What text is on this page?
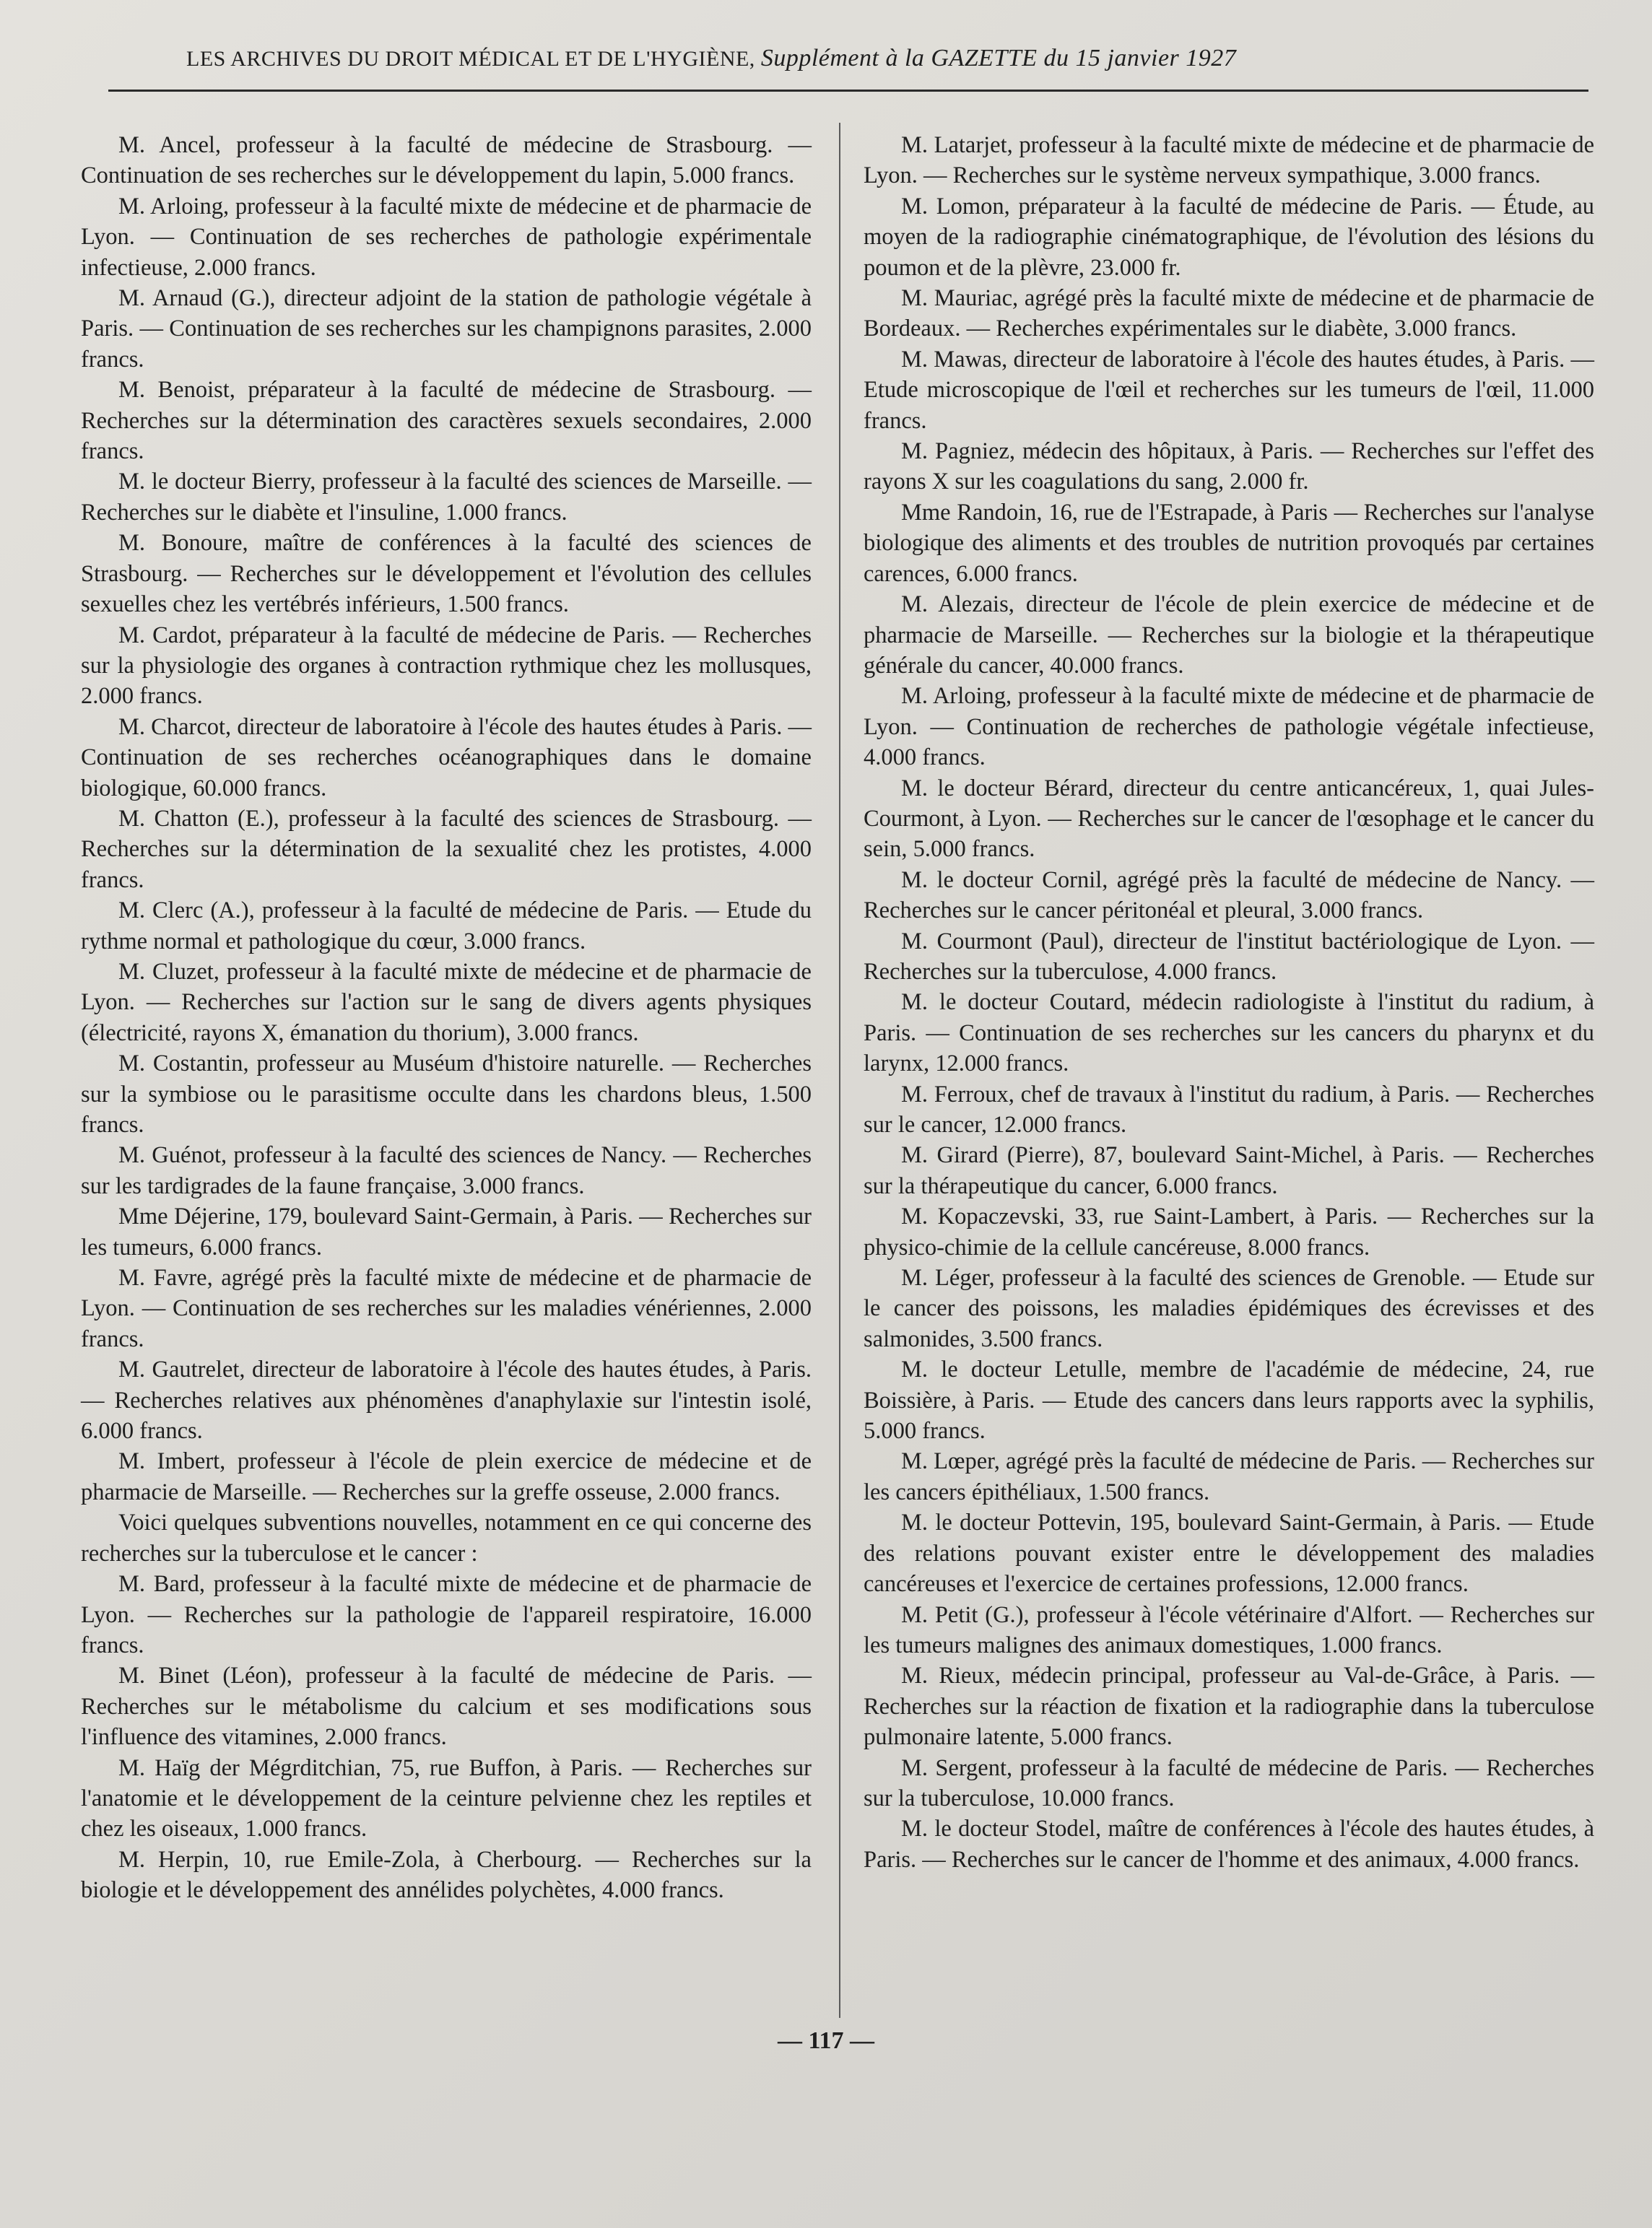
LES ARCHIVES DU DROIT MÉDICAL ET DE L'HYGIÈNE, Supplément à la GAZETTE du 15 janvier 1927

M. Ancel, professeur à la faculté de médecine de Strasbourg. — Continuation de ses recherches sur le développement du lapin, 5.000 francs.

M. Arloing, professeur à la faculté mixte de médecine et de pharmacie de Lyon. — Continuation de ses recherches de pathologie expérimentale infectieuse, 2.000 francs.

M. Arnaud (G.), directeur adjoint de la station de pathologie végétale à Paris. — Continuation de ses recherches sur les champignons parasites, 2.000 francs.

M. Benoist, préparateur à la faculté de médecine de Strasbourg. — Recherches sur la détermination des caractères sexuels secondaires, 2.000 francs.

M. le docteur Bierry, professeur à la faculté des sciences de Marseille. — Recherches sur le diabète et l'insuline, 1.000 francs.

M. Bonoure, maître de conférences à la faculté des sciences de Strasbourg. — Recherches sur le développement et l'évolution des cellules sexuelles chez les vertébrés inférieurs, 1.500 francs.

M. Cardot, préparateur à la faculté de médecine de Paris. — Recherches sur la physiologie des organes à contraction rythmique chez les mollusques, 2.000 francs.

M. Charcot, directeur de laboratoire à l'école des hautes études à Paris. — Continuation de ses recherches océanographiques dans le domaine biologique, 60.000 francs.

M. Chatton (E.), professeur à la faculté des sciences de Strasbourg. — Recherches sur la détermination de la sexualité chez les protistes, 4.000 francs.

M. Clerc (A.), professeur à la faculté de médecine de Paris. — Etude du rythme normal et pathologique du cœur, 3.000 francs.

M. Cluzet, professeur à la faculté mixte de médecine et de pharmacie de Lyon. — Recherches sur l'action sur le sang de divers agents physiques (électricité, rayons X, émanation du thorium), 3.000 francs.

M. Costantin, professeur au Muséum d'histoire naturelle. — Recherches sur la symbiose ou le parasitisme occulte dans les chardons bleus, 1.500 francs.

M. Guénot, professeur à la faculté des sciences de Nancy. — Recherches sur les tardigrades de la faune française, 3.000 francs.

Mme Déjerine, 179, boulevard Saint-Germain, à Paris. — Recherches sur les tumeurs, 6.000 francs.

M. Favre, agrégé près la faculté mixte de médecine et de pharmacie de Lyon. — Continuation de ses recherches sur les maladies vénériennes, 2.000 francs.

M. Gautrelet, directeur de laboratoire à l'école des hautes études, à Paris. — Recherches relatives aux phénomènes d'anaphylaxie sur l'intestin isolé, 6.000 francs.

M. Imbert, professeur à l'école de plein exercice de médecine et de pharmacie de Marseille. — Recherches sur la greffe osseuse, 2.000 francs.

Voici quelques subventions nouvelles, notamment en ce qui concerne des recherches sur la tuberculose et le cancer :

M. Bard, professeur à la faculté mixte de médecine et de pharmacie de Lyon. — Recherches sur la pathologie de l'appareil respiratoire, 16.000 francs.

M. Binet (Léon), professeur à la faculté de médecine de Paris. — Recherches sur le métabolisme du calcium et ses modifications sous l'influence des vitamines, 2.000 francs.

M. Haïg der Mégrditchian, 75, rue Buffon, à Paris. — Recherches sur l'anatomie et le développement de la ceinture pelvienne chez les reptiles et chez les oiseaux, 1.000 francs.

M. Herpin, 10, rue Emile-Zola, à Cherbourg. — Recherches sur la biologie et le développement des annélides polychètes, 4.000 francs.

M. Latarjet, professeur à la faculté mixte de médecine et de pharmacie de Lyon. — Recherches sur le système nerveux sympathique, 3.000 francs.

M. Lomon, préparateur à la faculté de médecine de Paris. — Étude, au moyen de la radiographie cinématographique, de l'évolution des lésions du poumon et de la plèvre, 23.000 fr.

M. Mauriac, agrégé près la faculté mixte de médecine et de pharmacie de Bordeaux. — Recherches expérimentales sur le diabète, 3.000 francs.

M. Mawas, directeur de laboratoire à l'école des hautes études, à Paris. — Etude microscopique de l'œil et recherches sur les tumeurs de l'œil, 11.000 francs.

M. Pagniez, médecin des hôpitaux, à Paris. — Recherches sur l'effet des rayons X sur les coagulations du sang, 2.000 fr.

Mme Randoin, 16, rue de l'Estrapade, à Paris — Recherches sur l'analyse biologique des aliments et des troubles de nutrition provoqués par certaines carences, 6.000 francs.

M. Alezais, directeur de l'école de plein exercice de médecine et de pharmacie de Marseille. — Recherches sur la biologie et la thérapeutique générale du cancer, 40.000 francs.

M. Arloing, professeur à la faculté mixte de médecine et de pharmacie de Lyon. — Continuation de recherches de pathologie végétale infectieuse, 4.000 francs.

M. le docteur Bérard, directeur du centre anticancéreux, 1, quai Jules-Courmont, à Lyon. — Recherches sur le cancer de l'œsophage et le cancer du sein, 5.000 francs.

M. le docteur Cornil, agrégé près la faculté de médecine de Nancy. — Recherches sur le cancer péritonéal et pleural, 3.000 francs.

M. Courmont (Paul), directeur de l'institut bactériologique de Lyon. — Recherches sur la tuberculose, 4.000 francs.

M. le docteur Coutard, médecin radiologiste à l'institut du radium, à Paris. — Continuation de ses recherches sur les cancers du pharynx et du larynx, 12.000 francs.

M. Ferroux, chef de travaux à l'institut du radium, à Paris. — Recherches sur le cancer, 12.000 francs.

M. Girard (Pierre), 87, boulevard Saint-Michel, à Paris. — Recherches sur la thérapeutique du cancer, 6.000 francs.

M. Kopaczevski, 33, rue Saint-Lambert, à Paris. — Recherches sur la physico-chimie de la cellule cancéreuse, 8.000 francs.

M. Léger, professeur à la faculté des sciences de Grenoble. — Etude sur le cancer des poissons, les maladies épidémiques des écrevisses et des salmonides, 3.500 francs.

M. le docteur Letulle, membre de l'académie de médecine, 24, rue Boissière, à Paris. — Etude des cancers dans leurs rapports avec la syphilis, 5.000 francs.

M. Lœper, agrégé près la faculté de médecine de Paris. — Recherches sur les cancers épithéliaux, 1.500 francs.

M. le docteur Pottevin, 195, boulevard Saint-Germain, à Paris. — Etude des relations pouvant exister entre le développement des maladies cancéreuses et l'exercice de certaines professions, 12.000 francs.

M. Petit (G.), professeur à l'école vétérinaire d'Alfort. — Recherches sur les tumeurs malignes des animaux domestiques, 1.000 francs.

M. Rieux, médecin principal, professeur au Val-de-Grâce, à Paris. — Recherches sur la réaction de fixation et la radiographie dans la tuberculose pulmonaire latente, 5.000 francs.

M. Sergent, professeur à la faculté de médecine de Paris. — Recherches sur la tuberculose, 10.000 francs.

M. le docteur Stodel, maître de conférences à l'école des hautes études, à Paris. — Recherches sur le cancer de l'homme et des animaux, 4.000 francs.

— 117 —
